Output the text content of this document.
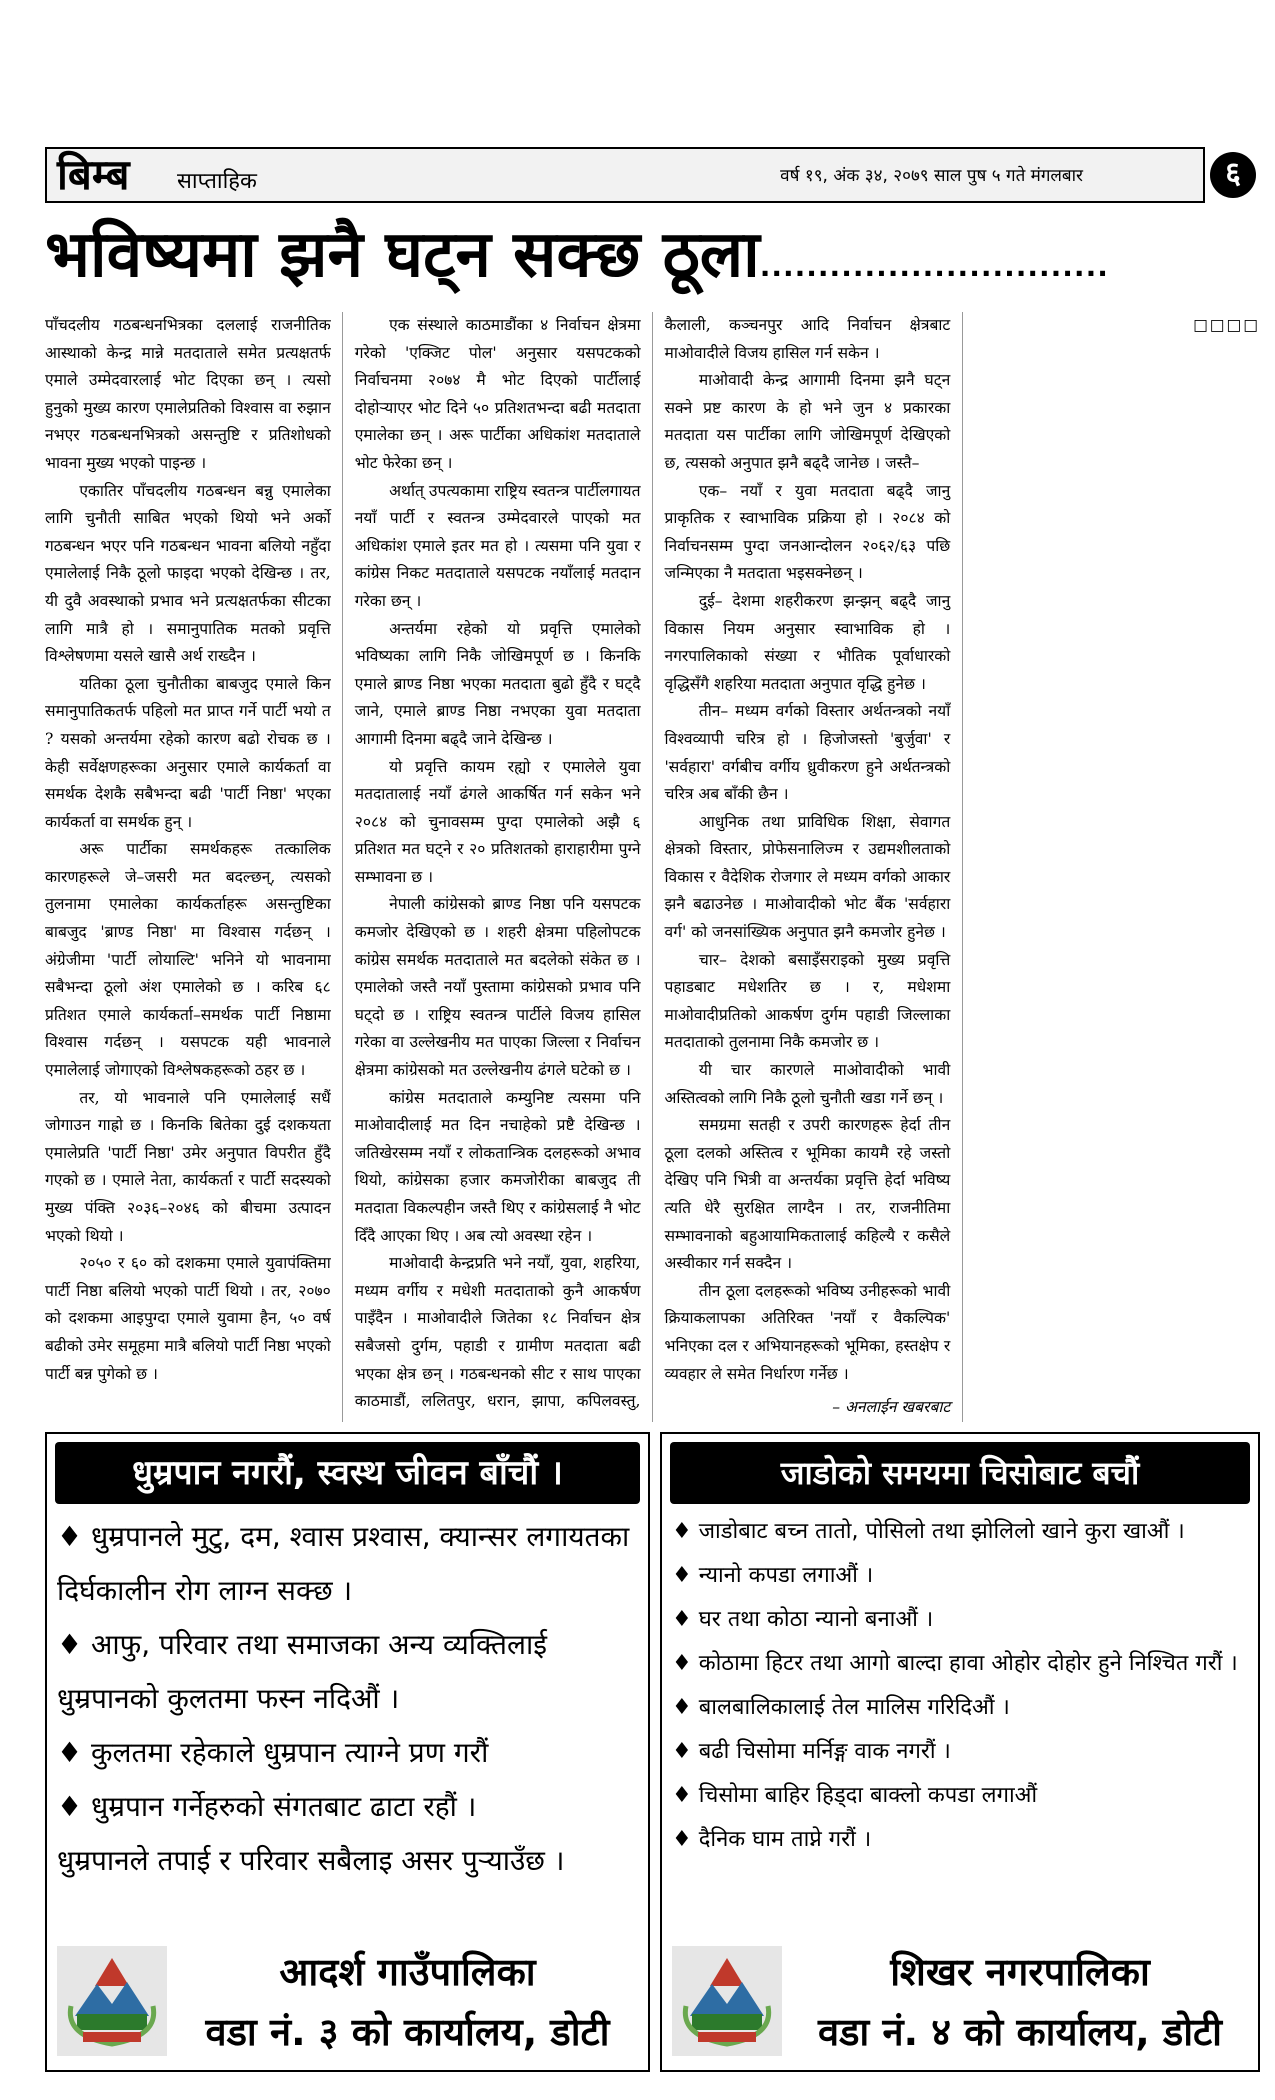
बिम्ब साप्ताहिक	वर्ष १९, अंक ३४, २०७९ साल पुष ५ गते मंगलबार	६
भविष्यमा झनै घट्न सक्छ ठूला..............................

पाँचदलीय गठबन्धनभित्रका दललाई राजनीतिक आस्थाको केन्द्र मान्ने मतदाताले समेत प्रत्यक्षतर्फ एमाले उम्मेदवारलाई भोट दिएका छन् । त्यसो हुनुको मुख्य कारण एमालेप्रतिको विश्वास वा रुझान नभएर गठबन्धनभित्रको असन्तुष्टि र प्रतिशोधको भावना मुख्य भएको पाइन्छ ।

एकातिर पाँचदलीय गठबन्धन बन्नु एमालेका लागि चुनौती साबित भएको थियो भने अर्को गठबन्धन भएर पनि गठबन्धन भावना बलियो नहुँदा एमालेलाई निकै ठूलो फाइदा भएको देखिन्छ । तर, यी दुवै अवस्थाको प्रभाव भने प्रत्यक्षतर्फका सीटका लागि मात्रै हो । समानुपातिक मतको प्रवृत्ति विश्लेषणमा यसले खासै अर्थ राख्दैन ।

यतिका ठूला चुनौतीका बाबजुद एमाले किन समानुपातिकतर्फ पहिलो मत प्राप्त गर्ने पार्टी भयो त ? यसको अन्तर्यमा रहेको कारण बढो रोचक छ । केही सर्वेक्षणहरूका अनुसार एमाले कार्यकर्ता वा समर्थक देशकै सबैभन्दा बढी 'पार्टी निष्ठा' भएका कार्यकर्ता वा समर्थक हुन् ।

अरू पार्टीका समर्थकहरू तत्कालिक कारणहरूले जे–जसरी मत बदल्छन्, त्यसको तुलनामा एमालेका कार्यकर्ताहरू असन्तुष्टिका बाबजुद 'ब्राण्ड निष्ठा' मा विश्वास गर्दछन् । अंग्रेजीमा 'पार्टी लोयाल्टि' भनिने यो भावनामा सबैभन्दा ठूलो अंश एमालेको छ । करिब ६८ प्रतिशत एमाले कार्यकर्ता–समर्थक पार्टी निष्ठामा विश्वास गर्दछन् । यसपटक यही भावनाले एमालेलाई जोगाएको विश्लेषकहरूको ठहर छ ।

तर, यो भावनाले पनि एमालेलाई सधैं जोगाउन गाह्रो छ । किनकि बितेका दुई दशकयता एमालेप्रति 'पार्टी निष्ठा' उमेर अनुपात विपरीत हुँदै गएको छ । एमाले नेता, कार्यकर्ता र पार्टी सदस्यको मुख्य पंक्ति २०३६–२०४६ को बीचमा उत्पादन भएको थियो ।

२०५० र ६० को दशकमा एमाले युवापंक्तिमा पार्टी निष्ठा बलियो भएको पार्टी थियो । तर, २०७० को दशकमा आइपुग्दा एमाले युवामा हैन, ५० वर्ष बढीको उमेर समूहमा मात्रै बलियो पार्टी निष्ठा भएको पार्टी बन्न पुगेको छ ।

एक संस्थाले काठमाडौंका ४ निर्वाचन क्षेत्रमा गरेको 'एक्जिट पोल' अनुसार यसपटकको निर्वाचनमा २०७४ मै भोट दिएको पार्टीलाई दोहोऱ्याएर भोट दिने ५० प्रतिशतभन्दा बढी मतदाता एमालेका छन् । अरू पार्टीका अधिकांश मतदाताले भोट फेरेका छन् ।

अर्थात् उपत्यकामा राष्ट्रिय स्वतन्त्र पार्टीलगायत नयाँ पार्टी र स्वतन्त्र उम्मेदवारले पाएको मत अधिकांश एमाले इतर मत हो । त्यसमा पनि युवा र कांग्रेस निकट मतदाताले यसपटक नयाँलाई मतदान गरेका छन् ।

अन्तर्यमा रहेको यो प्रवृत्ति एमालेको भविष्यका लागि निकै जोखिमपूर्ण छ । किनकि एमाले ब्राण्ड निष्ठा भएका मतदाता बुढो हुँदै र घट्दै जाने, एमाले ब्राण्ड निष्ठा नभएका युवा मतदाता आगामी दिनमा बढ्दै जाने देखिन्छ ।

यो प्रवृत्ति कायम रह्यो र एमालेले युवा मतदातालाई नयाँ ढंगले आकर्षित गर्न सकेन भने २०८४ को चुनावसम्म पुग्दा एमालेको अझै ६ प्रतिशत मत घट्ने र २० प्रतिशतको हाराहारीमा पुग्ने सम्भावना छ ।

नेपाली कांग्रेसको ब्राण्ड निष्ठा पनि यसपटक कमजोर देखिएको छ । शहरी क्षेत्रमा पहिलोपटक कांग्रेस समर्थक मतदाताले मत बदलेको संकेत छ । एमालेको जस्तै नयाँ पुस्तामा कांग्रेसको प्रभाव पनि घट्दो छ । राष्ट्रिय स्वतन्त्र पार्टीले विजय हासिल गरेका वा उल्लेखनीय मत पाएका जिल्ला र निर्वाचन क्षेत्रमा कांग्रेसको मत उल्लेखनीय ढंगले घटेको छ ।

कांग्रेस मतदाताले कम्युनिष्ट त्यसमा पनि माओवादीलाई मत दिन नचाहेको प्रष्टै देखिन्छ । जतिखेरसम्म नयाँ र लोकतान्त्रिक दलहरूको अभाव थियो, कांग्रेसका हजार कमजोरीका बाबजुद ती मतदाता विकल्पहीन जस्तै थिए र कांग्रेसलाई नै भोट दिँदै आएका थिए । अब त्यो अवस्था रहेन ।

माओवादी केन्द्रप्रति भने नयाँ, युवा, शहरिया, मध्यम वर्गीय र मधेशी मतदाताको कुनै आकर्षण पाइँदैन । माओवादीले जितेका १८ निर्वाचन क्षेत्र सबैजसो दुर्गम, पहाडी र ग्रामीण मतदाता बढी भएका क्षेत्र छन् । गठबन्धनको सीट र साथ पाएका काठमाडौं, ललितपुर, धरान, झापा, कपिलवस्तु, कैलाली, कञ्चनपुर आदि निर्वाचन क्षेत्रबाट माओवादीले विजय हासिल गर्न सकेन ।

माओवादी केन्द्र आगामी दिनमा झनै घट्न सक्ने प्रष्ट कारण के हो भने जुन ४ प्रकारका मतदाता यस पार्टीका लागि जोखिमपूर्ण देखिएको छ, त्यसको अनुपात झनै बढ्दै जानेछ । जस्तै–

एक– नयाँ र युवा मतदाता बढ्दै जानु प्राकृतिक र स्वाभाविक प्रक्रिया हो । २०८४ को निर्वाचनसम्म पुग्दा जनआन्दोलन २०६२/६३ पछि जन्मिएका नै मतदाता भइसक्नेछन् ।

दुई– देशमा शहरीकरण झन्झन् बढ्दै जानु विकास नियम अनुसार स्वाभाविक हो । नगरपालिकाको संख्या र भौतिक पूर्वाधारको वृद्धिसँगै शहरिया मतदाता अनुपात वृद्धि हुनेछ ।

तीन– मध्यम वर्गको विस्तार अर्थतन्त्रको नयाँ विश्वव्यापी चरित्र हो । हिजोजस्तो 'बुर्जुवा' र 'सर्वहारा' वर्गबीच वर्गीय ध्रुवीकरण हुने अर्थतन्त्रको चरित्र अब बाँकी छैन ।

आधुनिक तथा प्राविधिक शिक्षा, सेवागत क्षेत्रको विस्तार, प्रोफेसनालिज्म र उद्यमशीलताको विकास र वैदेशिक रोजगार ले मध्यम वर्गको आकार झनै बढाउनेछ । माओवादीको भोट बैंक 'सर्वहारा वर्ग' को जनसांख्यिक अनुपात झनै कमजोर हुनेछ ।

चार– देशको बसाइँसराइको मुख्य प्रवृत्ति पहाडबाट मधेशतिर छ । र, मधेशमा माओवादीप्रतिको आकर्षण दुर्गम पहाडी जिल्लाका मतदाताको तुलनामा निकै कमजोर छ ।

यी चार कारणले माओवादीको भावी अस्तित्वको लागि निकै ठूलो चुनौती खडा गर्ने छन् ।

समग्रमा सतही र उपरी कारणहरू हेर्दा तीन ठूला दलको अस्तित्व र भूमिका कायमै रहे जस्तो देखिए पनि भित्री वा अन्तर्यका प्रवृत्ति हेर्दा भविष्य त्यति धेरै सुरक्षित लाग्दैन । तर, राजनीतिमा सम्भावनाको बहुआयामिकतालाई कहिल्यै र कसैले अस्वीकार गर्न सक्दैन ।

तीन ठूला दलहरूको भविष्य उनीहरूको भावी क्रियाकलापका अतिरिक्त 'नयाँ र वैकल्पिक' भनिएका दल र अभियानहरूको भूमिका, हस्तक्षेप र व्यवहार ले समेत निर्धारण गर्नेछ ।

– अनलाईन खबरबाट

□□□□

धुम्रपान नगरौं, स्वस्थ जीवन बाँचौं ।

♦ धुम्रपानले मुटु, दम, श्वास प्रश्वास, क्यान्सर लगायतका दिर्घकालीन रोग लाग्न सक्छ ।

♦ आफु, परिवार तथा समाजका अन्य व्यक्तिलाई धुम्रपानको कुलतमा फस्न नदिऔं ।

♦ कुलतमा रहेकाले धुम्रपान त्याग्ने प्रण गरौं

♦ धुम्रपान गर्नेहरुको संगतबाट ढाटा रहौं ।

धुम्रपानले तपाई र परिवार सबैलाइ असर पुऱ्याउँछ ।

आदर्श गाउँपालिका
वडा नं. ३ को कार्यालय, डोटी
जाडोको समयमा चिसोबाट बचौं

♦ जाडोबाट बच्न तातो, पोसिलो तथा झोलिलो खाने कुरा खाऔं ।

♦ न्यानो कपडा लगाऔं ।

♦ घर तथा कोठा न्यानो बनाऔं ।

♦ कोठामा हिटर तथा आगो बाल्दा हावा ओहोर दोहोर हुने निश्चित गरौं ।

♦ बालबालिकालाई तेल मालिस गरिदिऔं ।

♦ बढी चिसोमा मर्निङ्ग वाक नगरौं ।

♦ चिसोमा बाहिर हिड्दा बाक्लो कपडा लगाऔं

♦ दैनिक घाम ताप्ने गरौं ।

शिखर नगरपालिका
वडा नं. ४ को कार्यालय, डोटी
